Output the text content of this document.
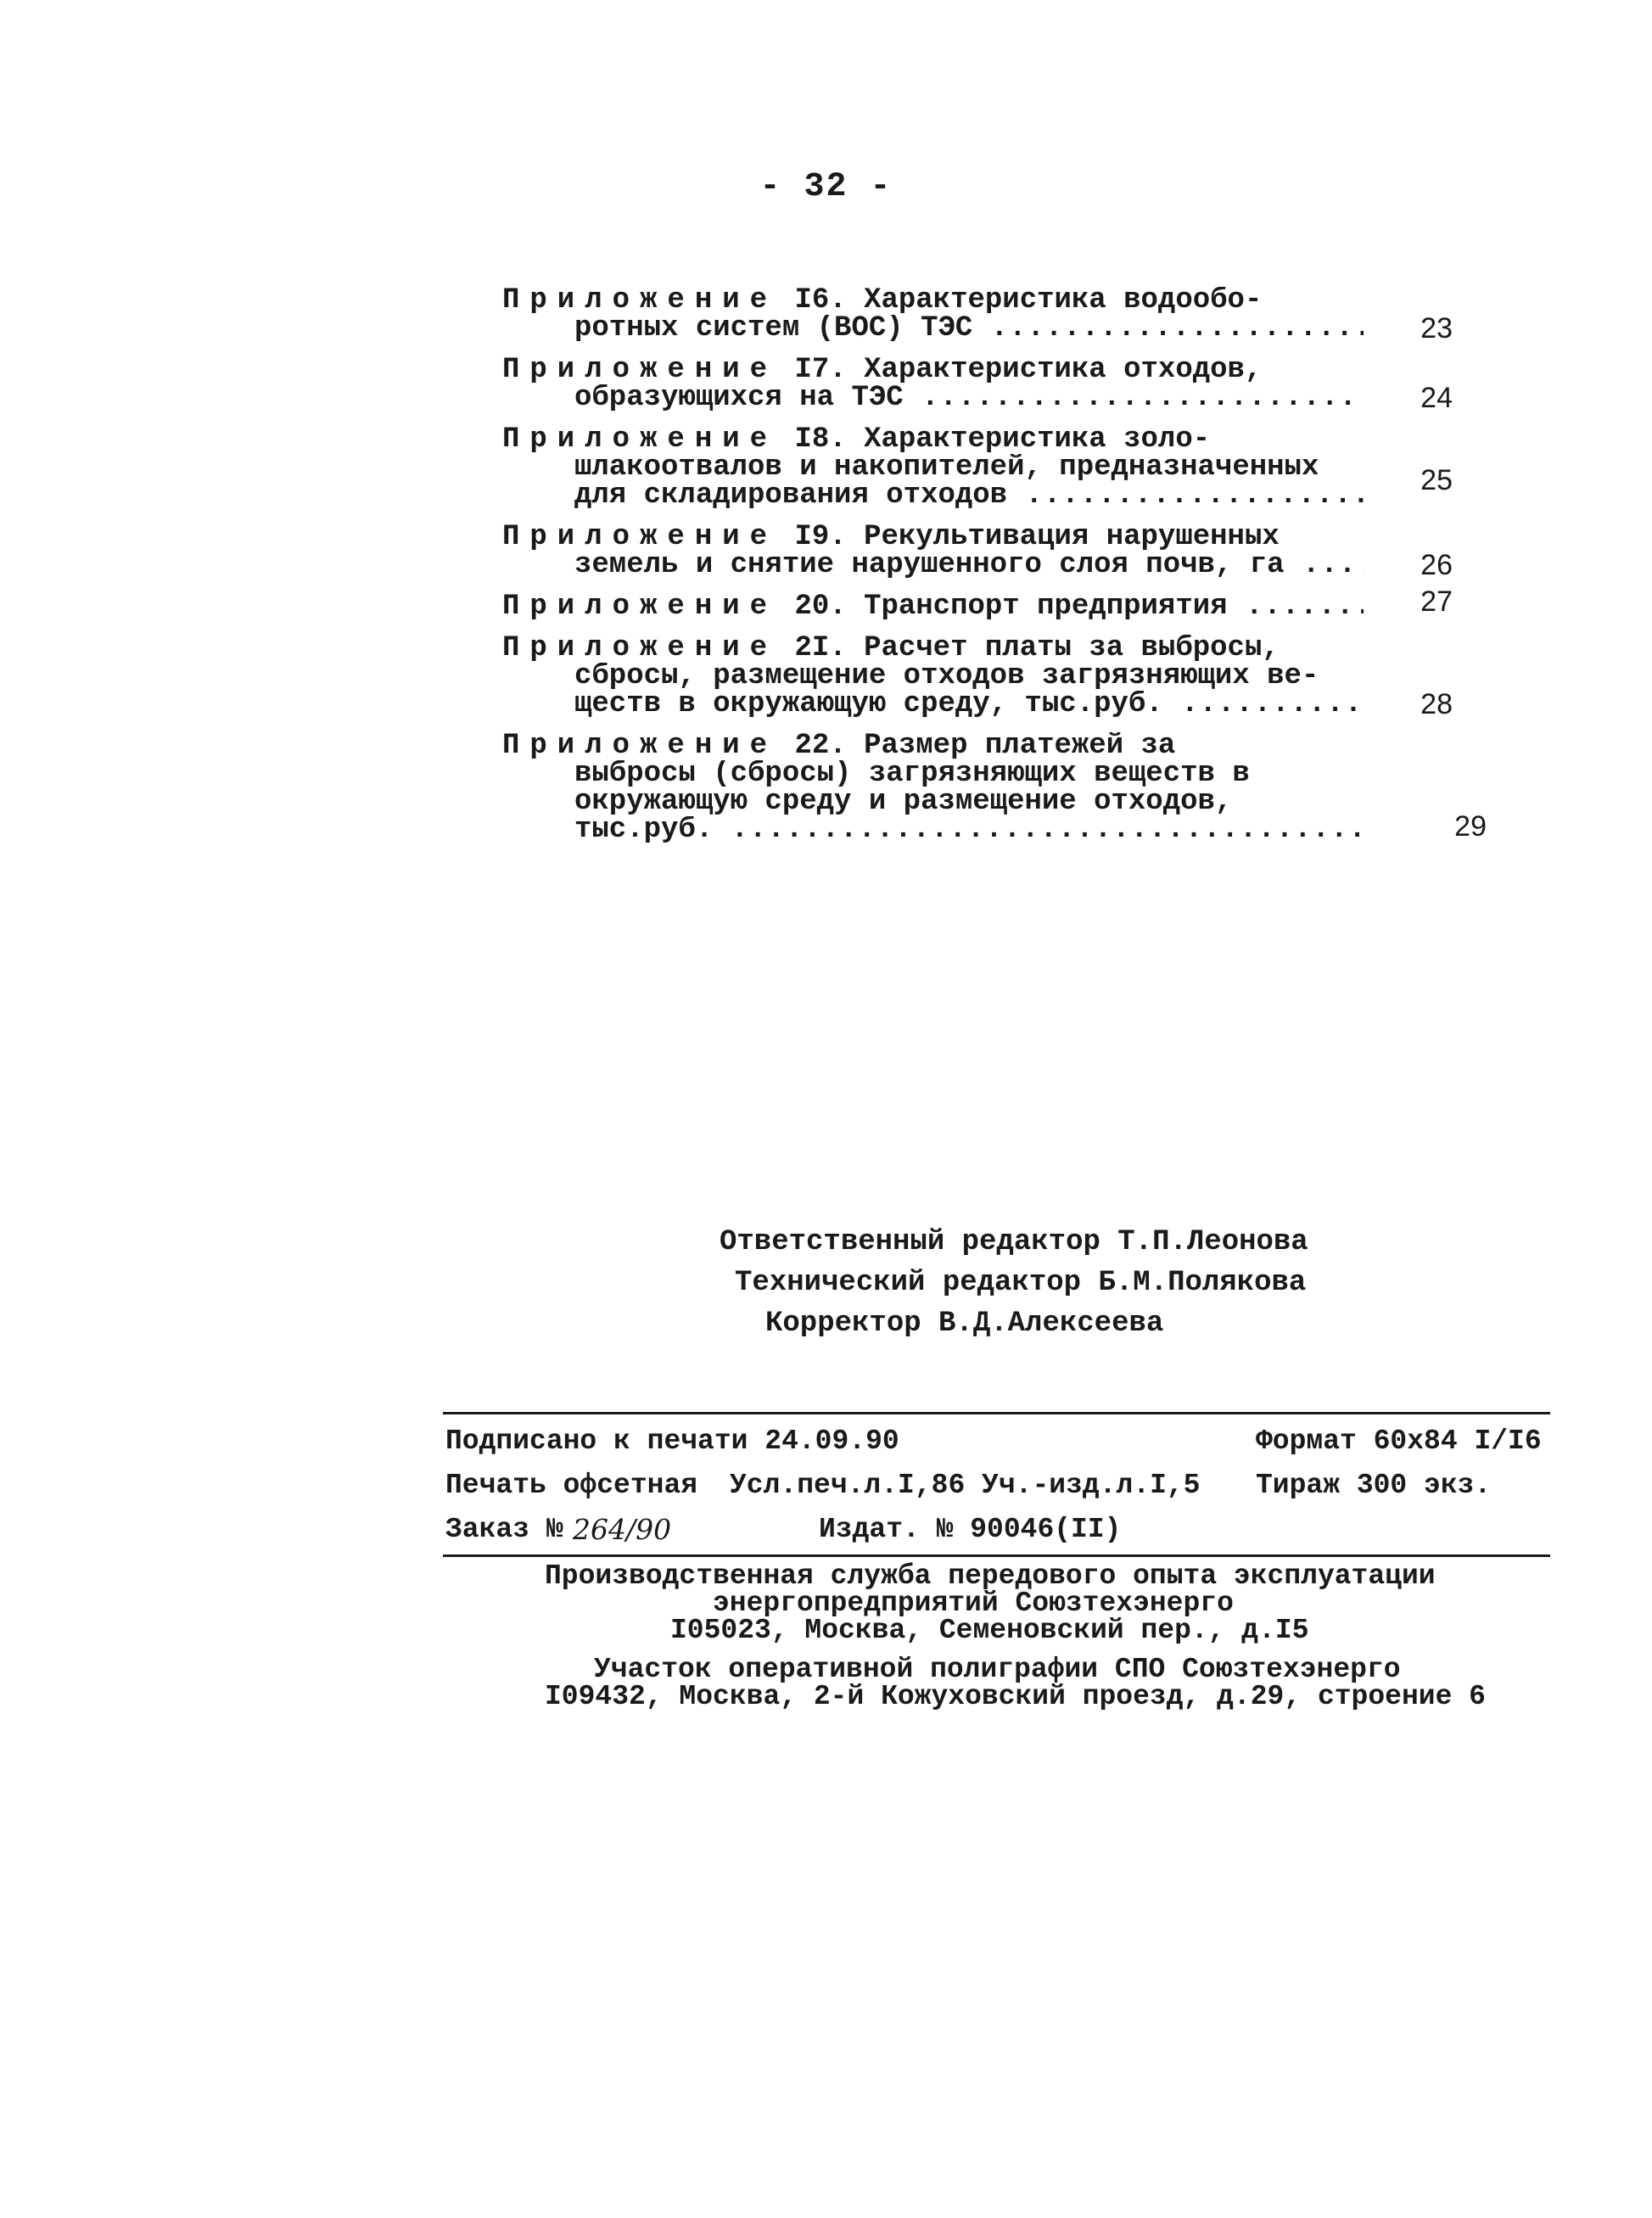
- 32 -
Приложение I6. Характеристика водообо-
ротных систем (ВОС) ТЭС .....	23
Приложение I7. Характеристика отходов,
образующихся на ТЭС .....	24
Приложение I8. Характеристика золо-
шлакоотвалов и накопителей, предназначенных
для складирования отходов .....	25
Приложение I9. Рекультивация нарушенных
земель и снятие нарушенного слоя почв, га .....	26
Приложение 20. Транспорт предприятия .....	27
Приложение 2I. Расчет платы за выбросы,
сбросы, размещение отходов загрязняющих ве-
ществ в окружающую среду, тыс.руб. .....	28
Приложение 22. Размер платежей за
выбросы (сбросы) загрязняющих веществ в
окружающую среду и размещение отходов,
тыс.руб. .....	29
Ответственный редактор Т.П.Леонова
Технический редактор Б.М.Полякова
Корректор В.Д.Алексеева
Подписано к печати 24.09.90	Формат 60х84 I/I6
Печать офсетная Усл.печ.л.I,86 Уч.-изд.л.I,5 Тираж 300 экз.
Заказ № 264/90	Издат. № 90046(II)
Производственная служба передового опыта эксплуатации
энергопредприятий Союзтехэнерго
I05023, Москва, Семеновский пер., д.I5
Участок оперативной полиграфии СПО Союзтехэнерго
I09432, Москва, 2-й Кожуховский проезд, д.29, строение 6
